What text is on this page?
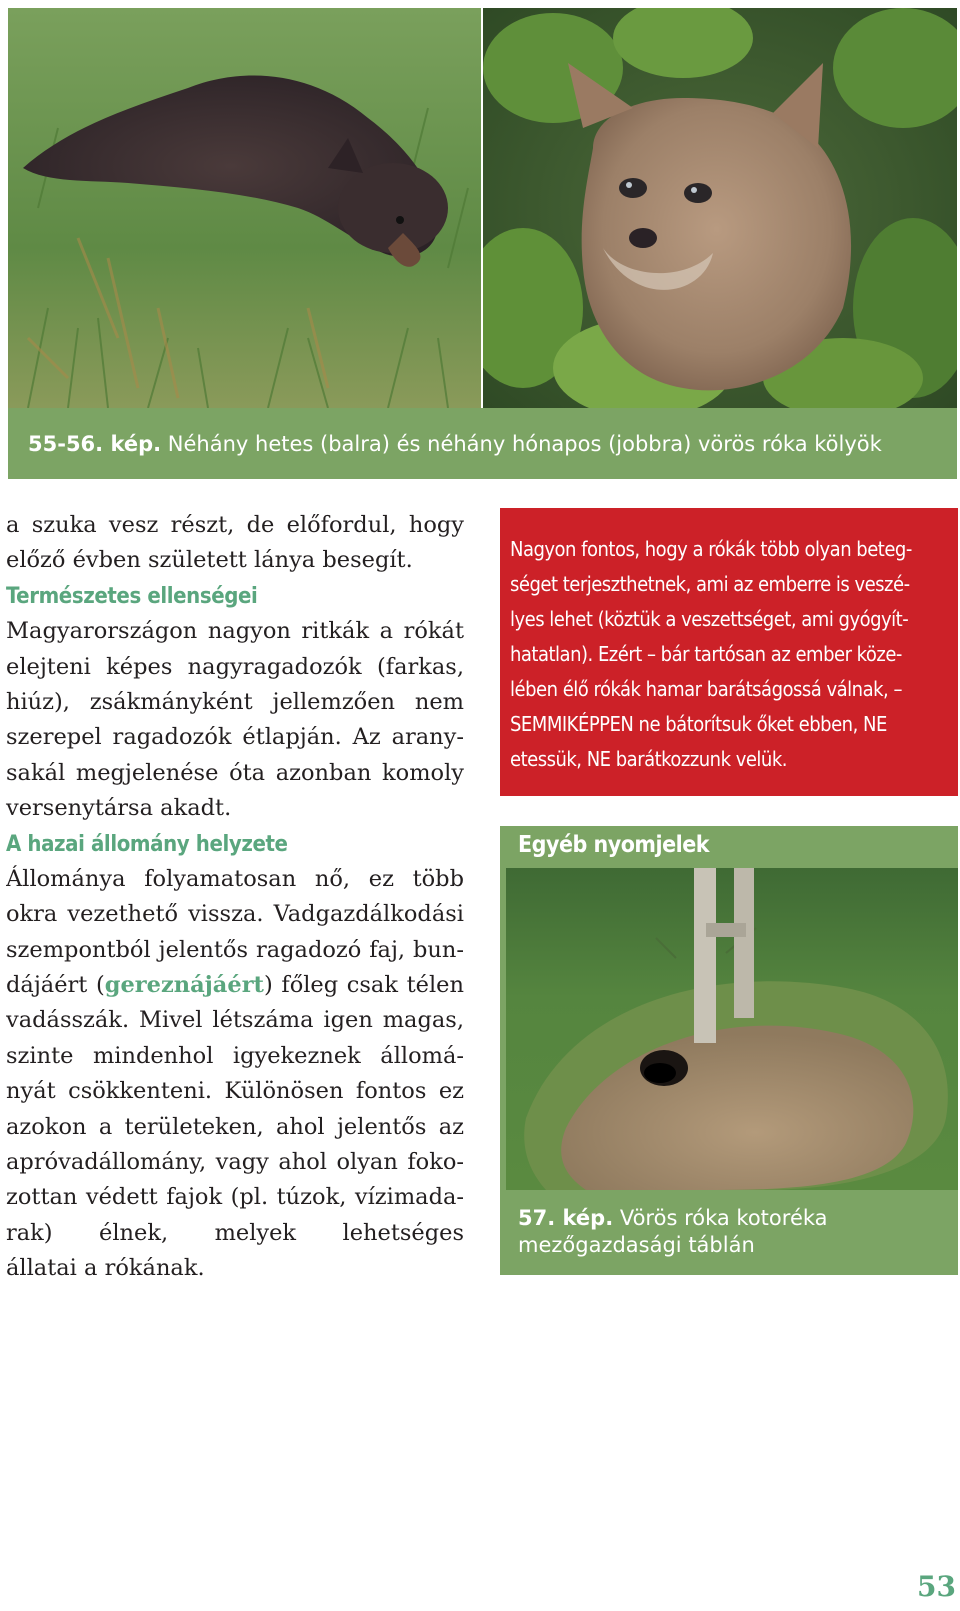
55-56. kép. Néhány hetes (balra) és néhány hónapos (jobbra) vörös róka kölyök
a szuka vesz részt, de előfordul, hogy
előző évben született lánya besegít.
Természetes ellenségei
Magyarországon nagyon ritkák a rókát
elejteni képes nagyragadozók (farkas,
hiúz), zsákmányként jellemzően nem
szerepel ragadozók étlapján. Az arany-
sakál megjelenése óta azonban komoly
versenytársa akadt.
A hazai állomány helyzete
Állománya folyamatosan nő, ez több
okra vezethető vissza. Vadgazdálkodási
szempontból jelentős ragadozó faj, bun-
dájáért (gereznájáért) főleg csak télen
vadásszák. Mivel létszáma igen magas,
szinte mindenhol igyekeznek állomá-
nyát csökkenteni. Különösen fontos ez
azokon a területeken, ahol jelentős az
apróvadállomány, vagy ahol olyan foko-
zottan védett fajok (pl. túzok, vízimada-
rak) élnek, melyek lehetséges
állatai a rókának.
Nagyon fontos, hogy a rókák több olyan beteg-
séget terjeszthetnek, ami az emberre is veszé-
lyes lehet (köztük a veszettséget, ami gyógyít-
hatatlan). Ezért – bár tartósan az ember köze-
lében élő rókák hamar barátságossá válnak, –
SEMMIKÉPPEN ne bátorítsuk őket ebben, NE
etessük, NE barátkozzunk velük.
Egyéb nyomjelek
57. kép. Vörös róka kotoréka
mezőgazdasági táblán
53
